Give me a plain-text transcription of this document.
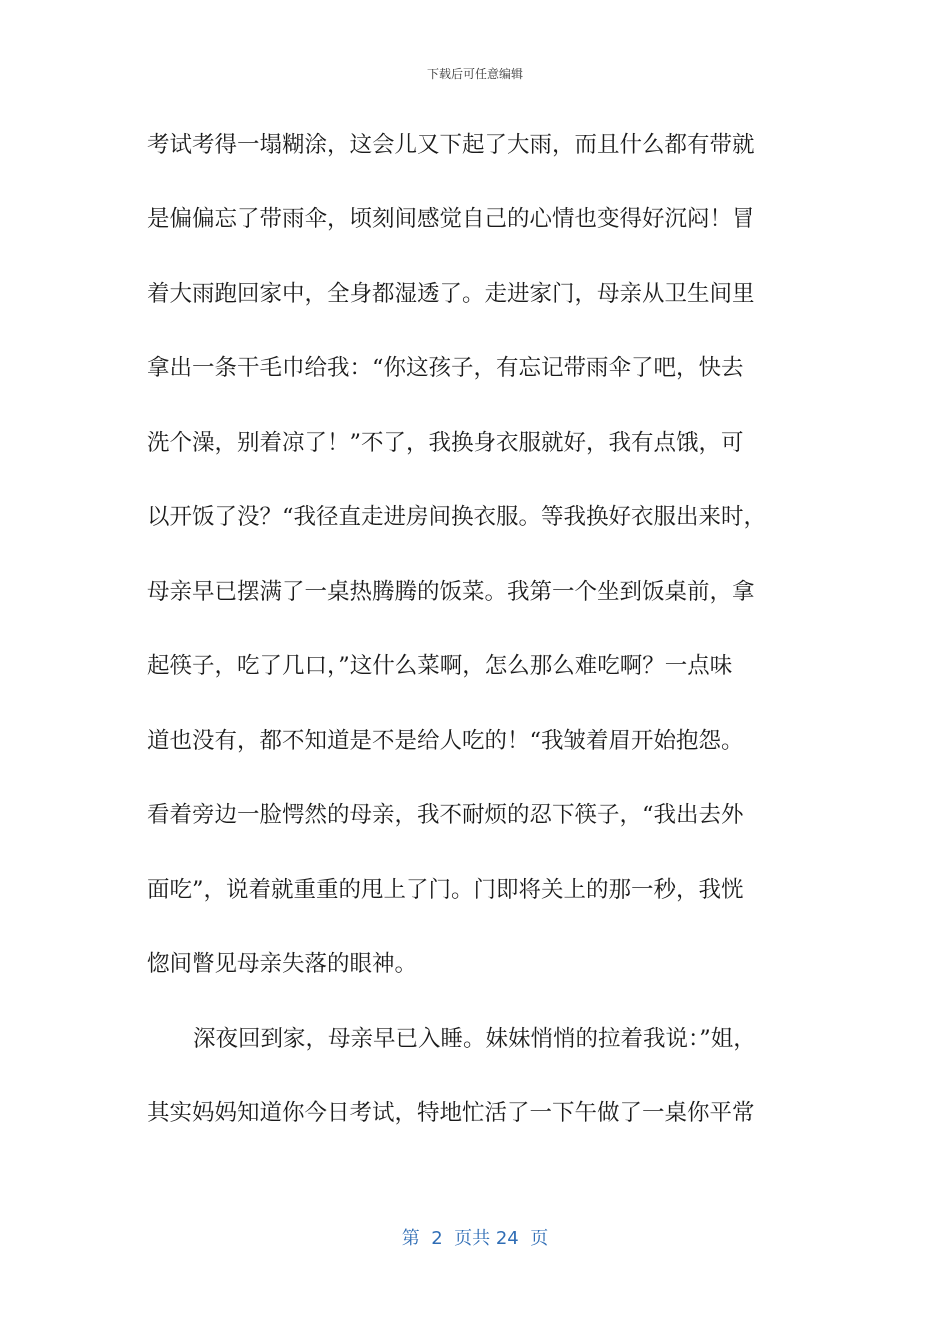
下载后可任意编辑
考试考得一塌糊涂，这会儿又下起了大雨，而且什么都有带就
是偏偏忘了带雨伞，顷刻间感觉自己的心情也变得好沉闷！冒
着大雨跑回家中，全身都湿透了。走进家门，母亲从卫生间里
拿出一条干毛巾给我：“你这孩子，有忘记带雨伞了吧，快去
洗个澡，别着凉了！”不了，我换身衣服就好，我有点饿，可
以开饭了没？“我径直走进房间换衣服。等我换好衣服出来时，
母亲早已摆满了一桌热腾腾的饭菜。我第一个坐到饭桌前，拿
起筷子，吃了几口，”这什么菜啊，怎么那么难吃啊？一点味
道也没有，都不知道是不是给人吃的！“我皱着眉开始抱怨。
看着旁边一脸愕然的母亲，我不耐烦的忍下筷子，“我出去外
面吃”，说着就重重的甩上了门。门即将关上的那一秒，我恍
惚间瞥见母亲失落的眼神。
深夜回到家，母亲早已入睡。妹妹悄悄的拉着我说：”姐，
其实妈妈知道你今日考试，特地忙活了一下午做了一桌你平常
第  2  页共 24  页
